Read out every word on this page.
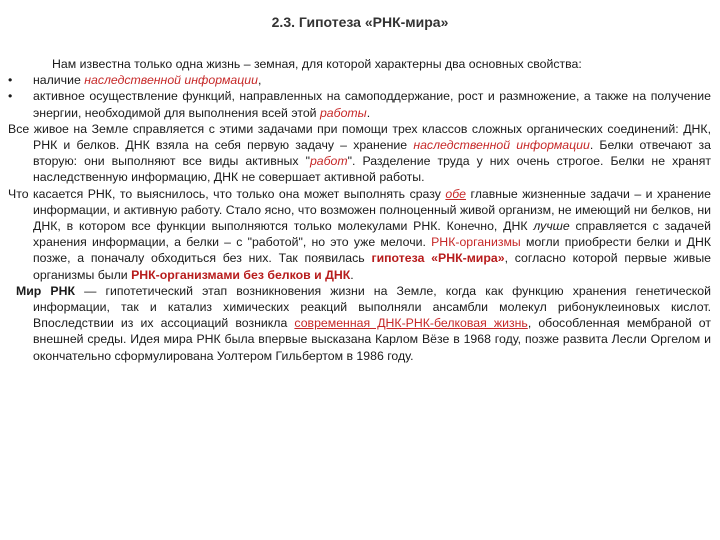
2.3. Гипотеза «РНК-мира»

Нам известна только одна жизнь – земная, для которой характерны два основных свойства:

• наличие наследственной информации,

• активное осуществление функций, направленных на самоподдержание, рост и размножение, а также на получение энергии, необходимой для выполнения всей этой работы.

Все живое на Земле справляется с этими задачами при помощи трех классов сложных органических соединений: ДНК, РНК и белков. ДНК взяла на себя первую задачу – хранение наследственной информации. Белки отвечают за вторую: они выполняют все виды активных "работ". Разделение труда у них очень строгое. Белки не хранят наследственную информацию, ДНК не совершает активной работы.

Что касается РНК, то выяснилось, что только она может выполнять сразу обе главные жизненные задачи – и хранение информации, и активную работу. Стало ясно, что возможен полноценный живой организм, не имеющий ни белков, ни ДНК, в котором все функции выполняются только молекулами РНК. Конечно, ДНК лучше справляется с задачей хранения информации, а белки – с "работой", но это уже мелочи. РНК-организмы могли приобрести белки и ДНК позже, а поначалу обходиться без них. Так появилась гипотеза «РНК-мира», согласно которой первые живые организмы были РНК-организмами без белков и ДНК.

Мир РНК — гипотетический этап возникновения жизни на Земле, когда как функцию хранения генетической информации, так и катализ химических реакций выполняли ансамбли молекул рибонуклеиновых кислот. Впоследствии из их ассоциаций возникла современная ДНК-РНК-белковая жизнь, обособленная мембраной от внешней среды. Идея мира РНК была впервые высказана Карлом Вёзе в 1968 году, позже развита Лесли Оргелом и окончательно сформулирована Уолтером Гильбертом в 1986 году.
